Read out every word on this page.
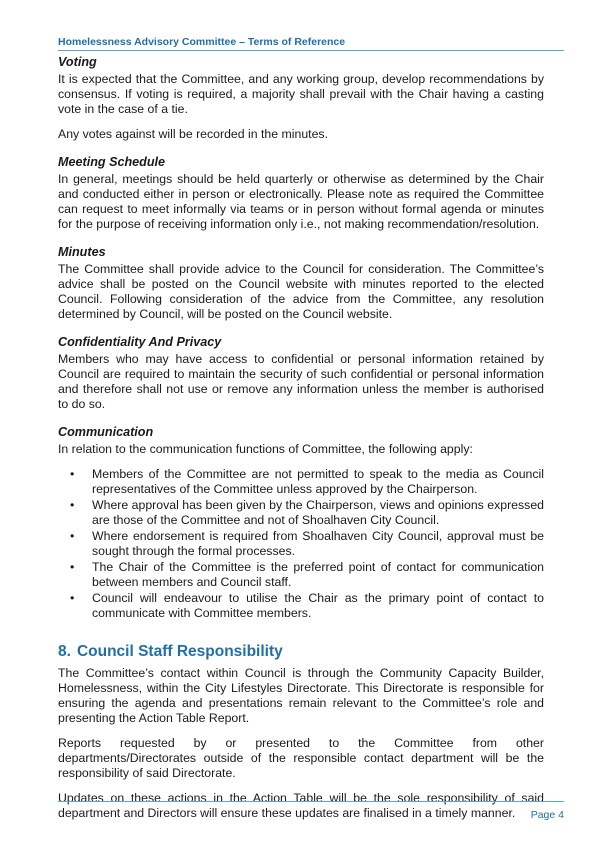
Homelessness Advisory Committee – Terms of Reference
Voting

It is expected that the Committee, and any working group, develop recommendations by consensus. If voting is required, a majority shall prevail with the Chair having a casting vote in the case of a tie.

Any votes against will be recorded in the minutes.

Meeting Schedule

In general, meetings should be held quarterly or otherwise as determined by the Chair and conducted either in person or electronically. Please note as required the Committee can request to meet informally via teams or in person without formal agenda or minutes for the purpose of receiving information only i.e., not making recommendation/resolution.

Minutes

The Committee shall provide advice to the Council for consideration. The Committee’s advice shall be posted on the Council website with minutes reported to the elected Council. Following consideration of the advice from the Committee, any resolution determined by Council, will be posted on the Council website.

Confidentiality And Privacy

Members who may have access to confidential or personal information retained by Council are required to maintain the security of such confidential or personal information and therefore shall not use or remove any information unless the member is authorised to do so.

Communication

In relation to the communication functions of Committee, the following apply:

• Members of the Committee are not permitted to speak to the media as Council representatives of the Committee unless approved by the Chairperson.
• Where approval has been given by the Chairperson, views and opinions expressed are those of the Committee and not of Shoalhaven City Council.
• Where endorsement is required from Shoalhaven City Council, approval must be sought through the formal processes.
• The Chair of the Committee is the preferred point of contact for communication between members and Council staff.
• Council will endeavour to utilise the Chair as the primary point of contact to communicate with Committee members.
8. Council Staff Responsibility

The Committee’s contact within Council is through the Community Capacity Builder, Homelessness, within the City Lifestyles Directorate. This Directorate is responsible for ensuring the agenda and presentations remain relevant to the Committee’s role and presenting the Action Table Report.

Reports requested by or presented to the Committee from other departments/Directorates outside of the responsible contact department will be the responsibility of said Directorate.

Updates on these actions in the Action Table will be the sole responsibility of said department and Directors will ensure these updates are finalised in a timely manner.	Page 4
